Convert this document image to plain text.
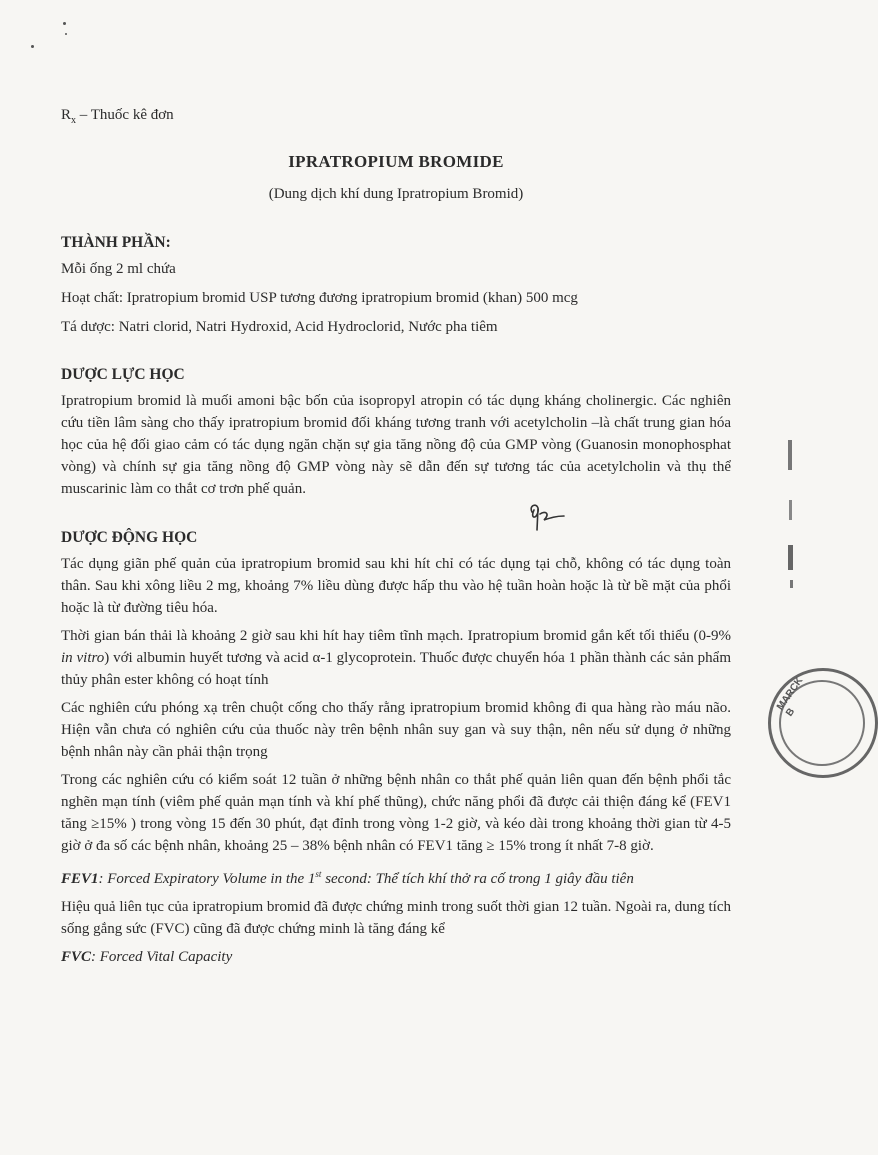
$R_x$ – Thuốc kê đơn

IPRATROPIUM BROMIDE
(Dung dịch khí dung Ipratropium Bromid)

THÀNH PHẦN:

Mỗi ống 2 ml chứa

Hoạt chất: Ipratropium bromid USP tương đương ipratropium bromid (khan) 500 mcg

Tá dược: Natri clorid, Natri Hydroxid, Acid Hydroclorid, Nước pha tiêm

DƯỢC LỰC HỌC

Ipratropium bromid là muối amoni bậc bốn của isopropyl atropin có tác dụng kháng cholinergic. Các nghiên cứu tiền lâm sàng cho thấy ipratropium bromid đối kháng tương tranh với acetylcholin –là chất trung gian hóa học của hệ đối giao cảm có tác dụng ngăn chặn sự gia tăng nồng độ của GMP vòng (Guanosin monophosphat vòng) và chính sự gia tăng nồng độ GMP vòng này sẽ dẫn đến sự tương tác của acetylcholin và thụ thể muscarinic làm co thắt cơ trơn phế quản.

DƯỢC ĐỘNG HỌC

Tác dụng giãn phế quản của ipratropium bromid sau khi hít chỉ có tác dụng tại chỗ, không có tác dụng toàn thân. Sau khi xông liều 2 mg, khoảng 7% liều dùng được hấp thu vào hệ tuần hoàn hoặc là từ bề mặt của phổi hoặc là từ đường tiêu hóa.

Thời gian bán thải là khoảng 2 giờ sau khi hít hay tiêm tĩnh mạch. Ipratropium bromid gắn kết tối thiểu (0-9% in vitro) với albumin huyết tương và acid α-1 glycoprotein. Thuốc được chuyển hóa 1 phần thành các sản phẩm thủy phân ester không có hoạt tính

Các nghiên cứu phóng xạ trên chuột cống cho thấy rằng ipratropium bromid không đi qua hàng rào máu não. Hiện vẫn chưa có nghiên cứu của thuốc này trên bệnh nhân suy gan và suy thận, nên nếu sử dụng ở những bệnh nhân này cần phải thận trọng

Trong các nghiên cứu có kiểm soát 12 tuần ở những bệnh nhân co thắt phế quản liên quan đến bệnh phổi tắc nghẽn mạn tính (viêm phế quản mạn tính và khí phế thũng), chức năng phổi đã được cải thiện đáng kể (FEV1 tăng ≥15% ) trong vòng 15 đến 30 phút, đạt đỉnh trong vòng 1-2 giờ, và kéo dài trong khoảng thời gian từ 4-5 giờ ở đa số các bệnh nhân, khoảng 25 – 38% bệnh nhân có FEV1 tăng ≥ 15% trong ít nhất 7-8 giờ.

FEV1: Forced Expiratory Volume in the 1st second: Thể tích khí thở ra cố trong 1 giây đầu tiên

Hiệu quả liên tục của ipratropium bromid đã được chứng minh trong suốt thời gian 12 tuần. Ngoài ra, dung tích sống gắng sức (FVC) cũng đã được chứng minh là tăng đáng kể

FVC: Forced Vital Capacity

MARCK B
